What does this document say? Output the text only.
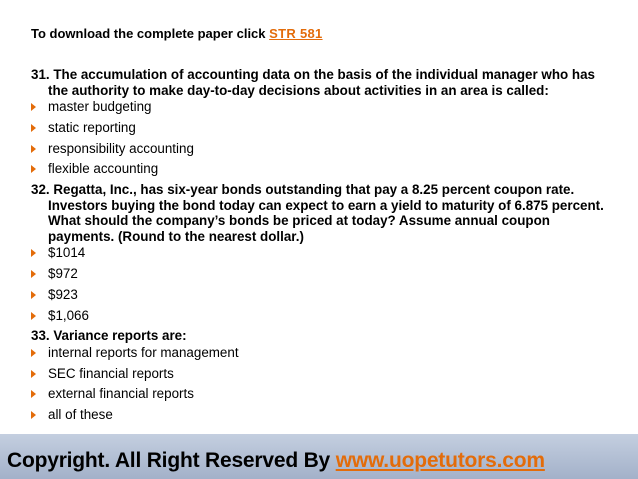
To download the complete paper click STR 581
31. The accumulation of accounting data on the basis of the individual manager who has the authority to make day-to-day decisions about activities in an area is called:
master budgeting
static reporting
responsibility accounting
flexible accounting
32. Regatta, Inc., has six-year bonds outstanding that pay a 8.25 percent coupon rate. Investors buying the bond today can expect to earn a yield to maturity of 6.875 percent. What should the company’s bonds be priced at today? Assume annual coupon payments. (Round to the nearest dollar.)
$1014
$972
$923
$1,066
33. Variance reports are:
internal reports for management
SEC financial reports
external financial reports
all of these
Copyright. All Right Reserved By www.uopetutors.com
